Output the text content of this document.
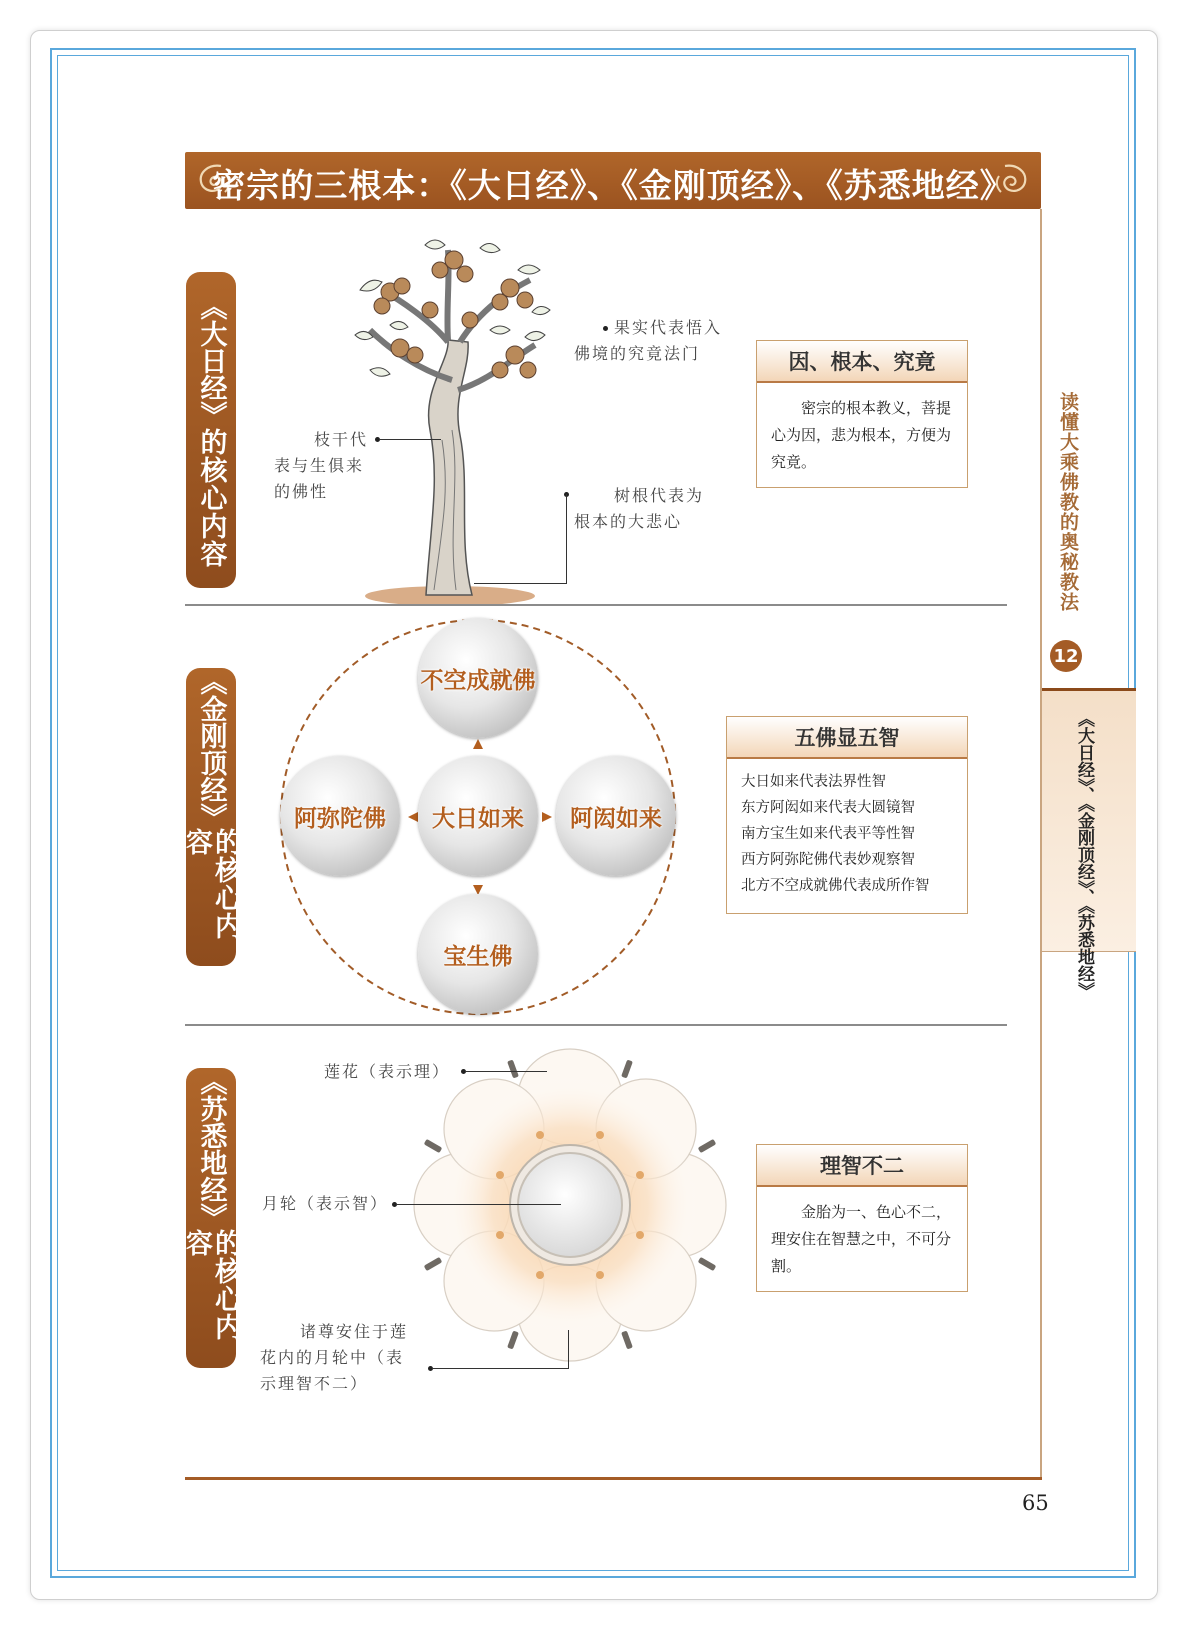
密宗的三根本：《大日经》、《金刚顶经》、《苏悉地经》
读懂大乘佛教的奥秘教法
12
《大日经》、《金刚顶经》、《苏悉地经》
《大日经》
的核心内容
果实代表悟入
佛境的究竟法门
枝干代
表与生俱来
的佛性	树根代表为
根本的大悲心
因、根本、究竟
　　密宗的根本教义，菩提心为因，悲为根本，方便为究竟。
《金刚顶经》
的核心内容
不空成就佛
阿弥陀佛	大日如来	阿闳如来
宝生佛
五佛显五智
大日如来代表法界性智
东方阿闳如来代表大圆镜智
南方宝生如来代表平等性智
西方阿弥陀佛代表妙观察智
北方不空成就佛代表成所作智
《苏悉地经》
的核心内容
莲花（表示理）
月轮（表示智）
诸尊安住于莲
花内的月轮中（表
示理智不二）
理智不二
　　金胎为一、色心不二，理安住在智慧之中，不可分割。
65
